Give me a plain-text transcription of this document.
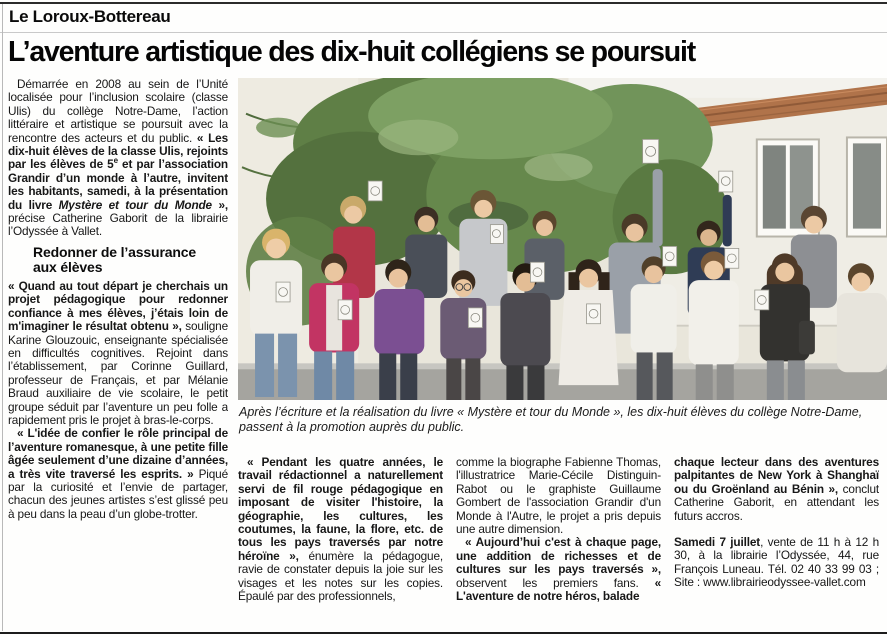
Le Loroux-Bottereau
L’aventure artistique des dix-huit collégiens se poursuit

Démarrée en 2008 au sein de l’Unité localisée pour l’inclusion scolaire (classe Ulis) du collège Notre-Dame, l’action littéraire et artistique se poursuit avec la rencontre des acteurs et du public. « Les dix-huit élèves de la classe Ulis, rejoints par les élèves de 5e et par l’association Grandir d’un monde à l’autre, invitent les habitants, samedi, à la présentation du livre Mystère et tour du Monde », précise Catherine Gaborit de la librairie l’Odyssée à Vallet.

Redonner de l’assurance aux élèves

« Quand au tout départ je cherchais un projet pédagogique pour redonner confiance à mes élèves, j’étais loin de m'imaginer le résultat obtenu », souligne Karine Glouzouic, enseignante spécialisée en difficultés cognitives. Rejoint dans l’établissement, par Corinne Guillard, professeur de Français, et par Mélanie Braud auxiliaire de vie scolaire, le petit groupe séduit par l’aventure un peu folle a rapidement pris le projet à bras-le-corps.

« L'idée de confier le rôle principal de l’aventure romanesque, à une petite fille âgée seulement d’une dizaine d’années, a très vite traversé les esprits. » Piqué par la curiosité et l’envie de partager, chacun des jeunes artistes s’est glissé peu à peu dans la peau d’un globe-trotter.

Après l’écriture et la réalisation du livre « Mystère et tour du Monde », les dix-huit élèves du collège Notre-Dame, passent à la promotion auprès du public.

« Pendant les quatre années, le travail rédactionnel a naturellement servi de fil rouge pédagogique en imposant de visiter l'histoire, la géographie, les cultures, les coutumes, la faune, la flore, etc. de tous les pays traversés par notre héroïne », énumère la pédagogue, ravie de constater depuis la joie sur les visages et les notes sur les copies. Épaulé par des professionnels,

comme la biographe Fabienne Thomas, l'illustratrice Marie-Cécile Distinguin-Rabot ou le graphiste Guillaume Gombert de l'association Grandir d'un Monde à l'Autre, le projet a pris depuis une autre dimension.

« Aujourd’hui c'est à chaque page, une addition de richesses et de cultures sur les pays traversés », observent les premiers fans. « L'aventure de notre héros, balade

chaque lecteur dans des aventures palpitantes de New York à Shanghaï ou du Groënland au Bénin », conclut Catherine Gaborit, en attendant les futurs accros.

Samedi 7 juillet, vente de 11 h à 12 h 30, à la librairie l’Odyssée, 44, rue François Luneau. Tél. 02 40 33 99 03 ; Site : www.librairieodyssee-vallet.com
